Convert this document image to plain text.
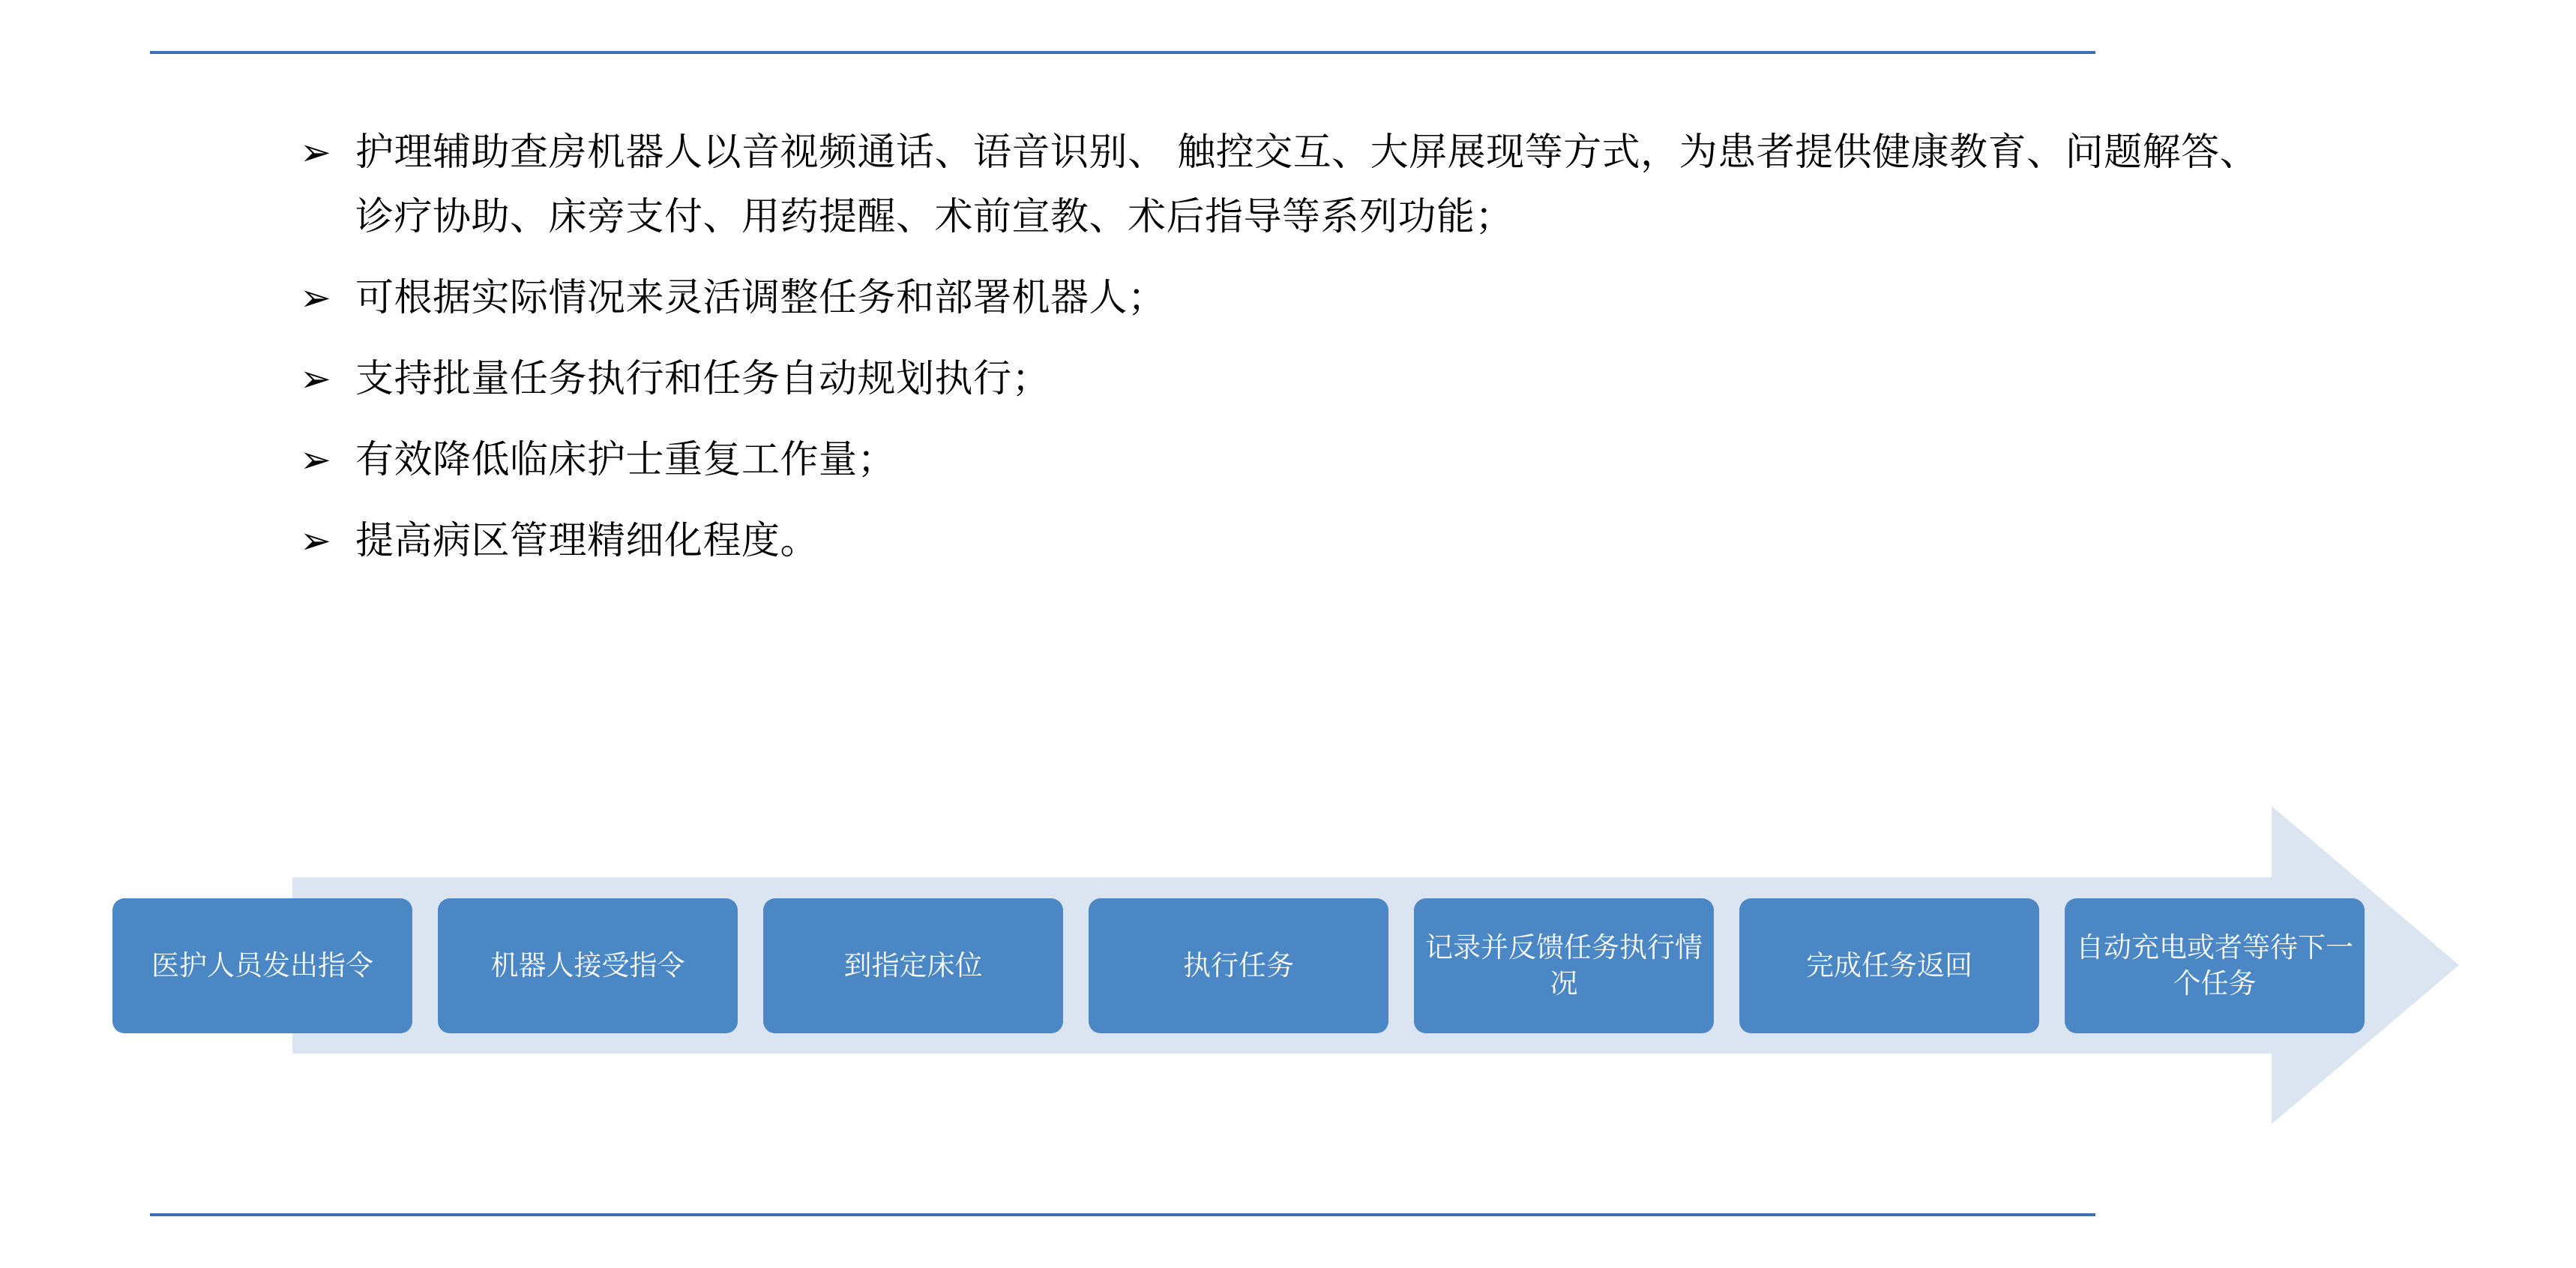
➢ 护理辅助查房机器人以音视频通话、语音识别、 触控交互、大屏展现等方式，为患者提供健康教育、问题解答、诊疗协助、床旁支付、用药提醒、术前宣教、术后指导等系列功能；
➢ 可根据实际情况来灵活调整任务和部署机器人；
➢ 支持批量任务执行和任务自动规划执行；
➢ 有效降低临床护士重复工作量；
➢ 提高病区管理精细化程度。
医护人员发出指令	机器人接受指令	到指定床位	执行任务
记录并反馈任务执行情况
完成任务返回
自动充电或者等待下一个任务
